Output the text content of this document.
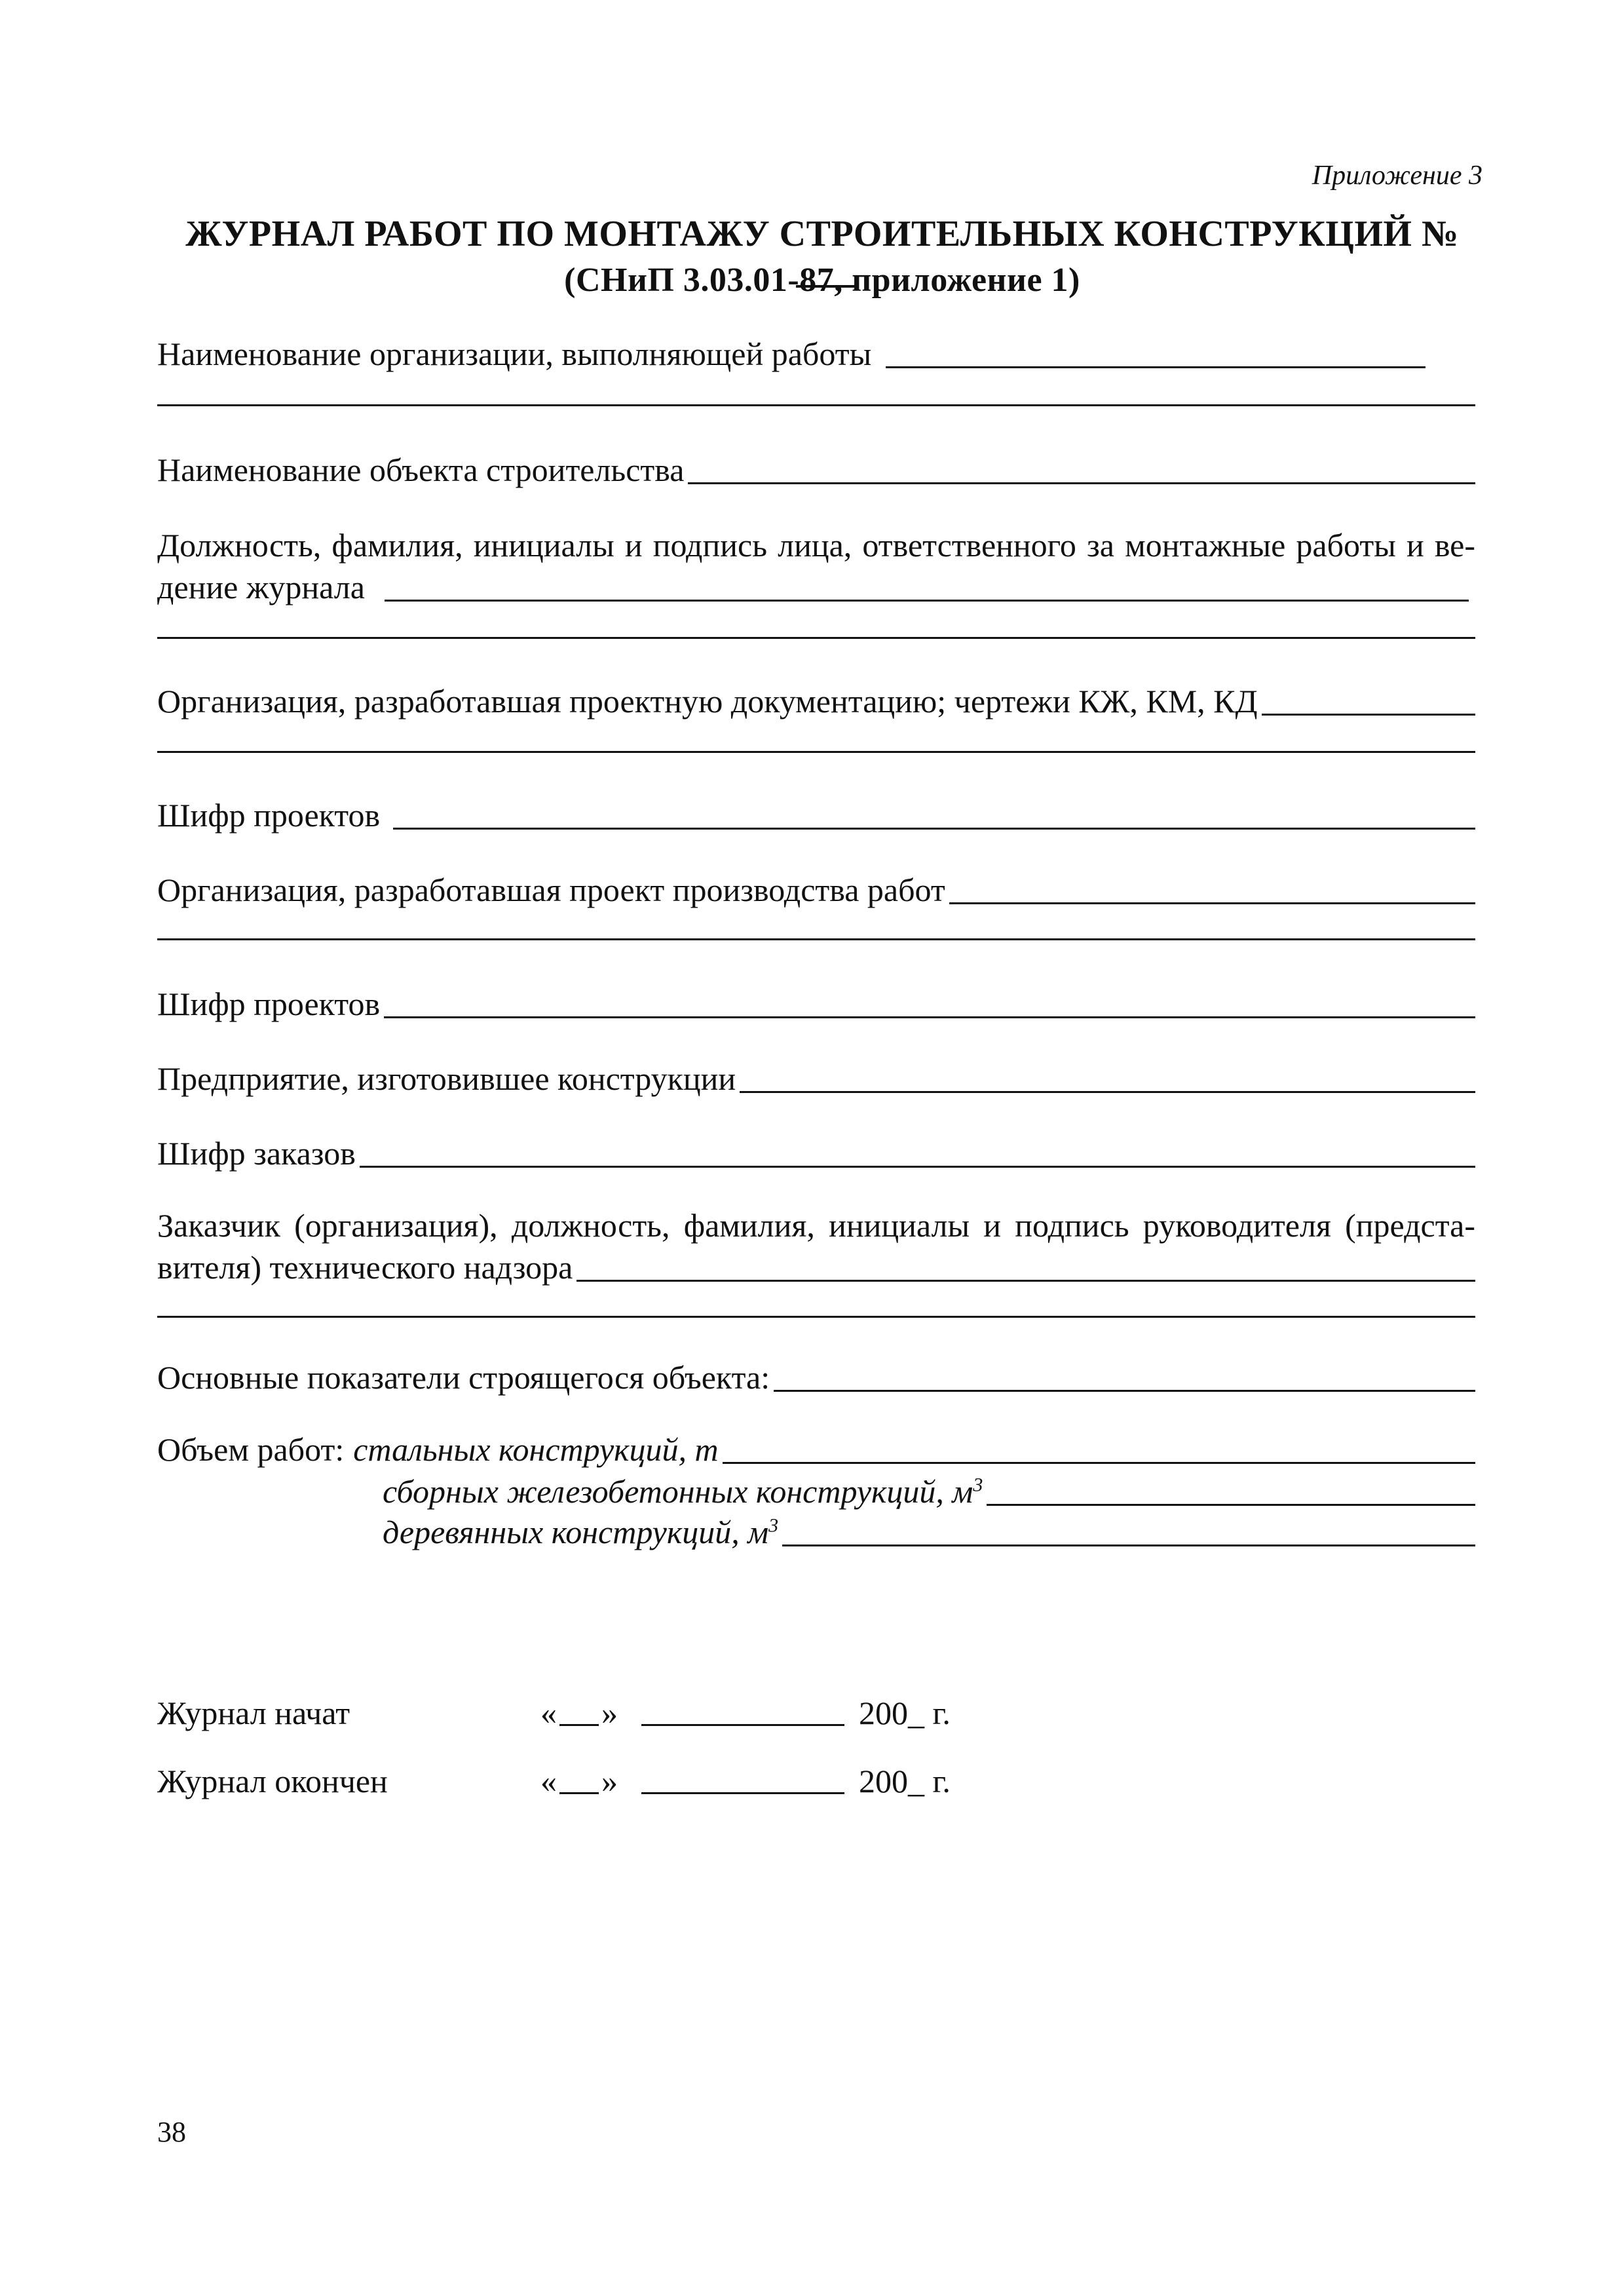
Приложение 3
ЖУРНАЛ РАБОТ ПО МОНТАЖУ СТРОИТЕЛЬНЫХ КОНСТРУКЦИЙ №
(СНиП 3.03.01-87, приложение 1)
Наименование организации, выполняющей работы
Наименование объекта строительства
Должность, фамилия, инициалы и подпись лица, ответственного за монтажные работы и ве-
дение журнала
Организация, разработавшая проектную документацию; чертежи КЖ, КМ, КД
Шифр проектов
Организация, разработавшая проект производства работ
Шифр проектов
Предприятие, изготовившее конструкции
Шифр заказов
Заказчик (организация), должность, фамилия, инициалы и подпись руководителя (предста-
вителя) технического надзора
Основные показатели строящегося объекта:
Объем работ: стальных конструкций, т
сборных железобетонных конструкций, $м^3$
деревянных конструкций, $м^3$
Журнал начат	« »	200_ г.
Журнал окончен	« »	200_ г.
38
